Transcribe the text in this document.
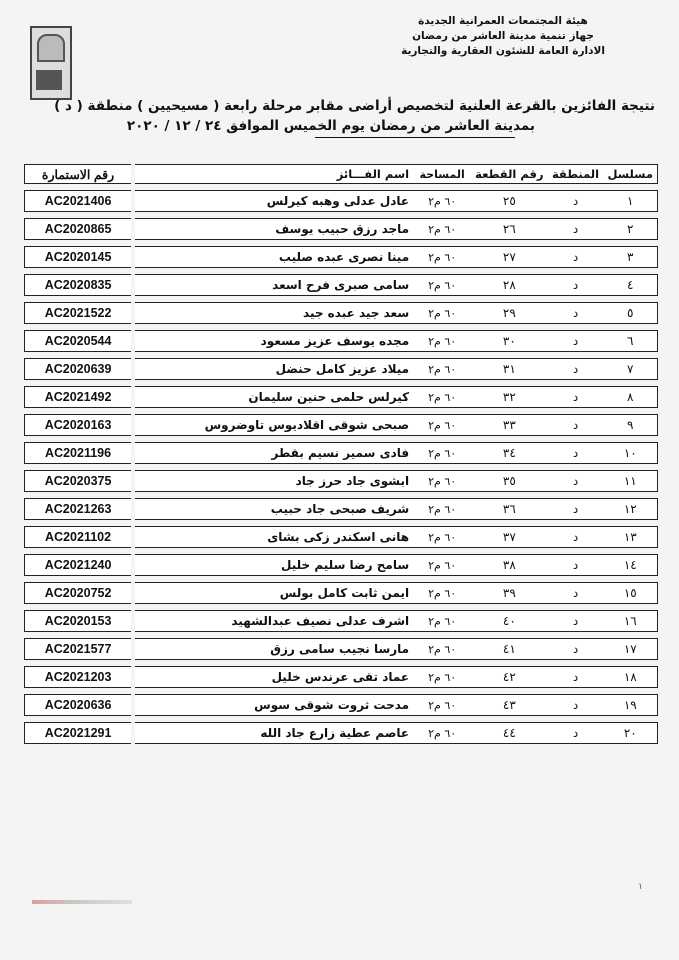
هيئة المجتمعات العمرانية الجديدة
جهاز تنمية مدينة العاشر من رمضان
الادارة العامة للشئون العقارية والتجارية
نتيجة الفائزين بالقرعة العلنية لتخصيص أراضى مقابر مرحلة رابعة ( مسيحيين ) منطقة ( د )
بمدينة العاشر من رمضان يوم الخميس الموافق ٢٤ / ١٢ / ٢٠٢٠
مسلسل	المنطقة	رقم القطعة	المساحة	اسم الفـــائز		رقم الاستمارة
١	د	٢٥	٦٠ م٢	عادل عدلى وهبه كيرلس		AC2021406
٢	د	٢٦	٦٠ م٢	ماجد رزق حبيب يوسف		AC2020865
٣	د	٢٧	٦٠ م٢	مينا نصرى عبده صليب		AC2020145
٤	د	٢٨	٦٠ م٢	سامى صبرى فرح اسعد		AC2020835
٥	د	٢٩	٦٠ م٢	سعد جيد عبده جيد		AC2021522
٦	د	٣٠	٦٠ م٢	مجده يوسف عزيز مسعود		AC2020544
٧	د	٣١	٦٠ م٢	ميلاد عزيز كامل حنضل		AC2020639
٨	د	٣٢	٦٠ م٢	كيرلس حلمى حنين سليمان		AC2021492
٩	د	٣٣	٦٠ م٢	صبحى شوقى اقلاديوس تاوضروس		AC2020163
١٠	د	٣٤	٦٠ م٢	فادى سمير نسيم بقطر		AC2021196
١١	د	٣٥	٦٠ م٢	ابشوى جاد حرز جاد		AC2020375
١٢	د	٣٦	٦٠ م٢	شريف صبحى جاد حبيب		AC2021263
١٣	د	٣٧	٦٠ م٢	هانى اسكندر زكى بشاى		AC2021102
١٤	د	٣٨	٦٠ م٢	سامح رضا سليم خليل		AC2021240
١٥	د	٣٩	٦٠ م٢	ايمن ثابت كامل بولس		AC2020752
١٦	د	٤٠	٦٠ م٢	اشرف عدلى نصيف عبدالشهيد		AC2020153
١٧	د	٤١	٦٠ م٢	مارسا نجيب سامى رزق		AC2021577
١٨	د	٤٢	٦٠ م٢	عماد تقى عرندس خليل		AC2021203
١٩	د	٤٣	٦٠ م٢	مدحت ثروت شوقى سوس		AC2020636
٢٠	د	٤٤	٦٠ م٢	عاصم عطية زارع جاد الله		AC2021291
١
